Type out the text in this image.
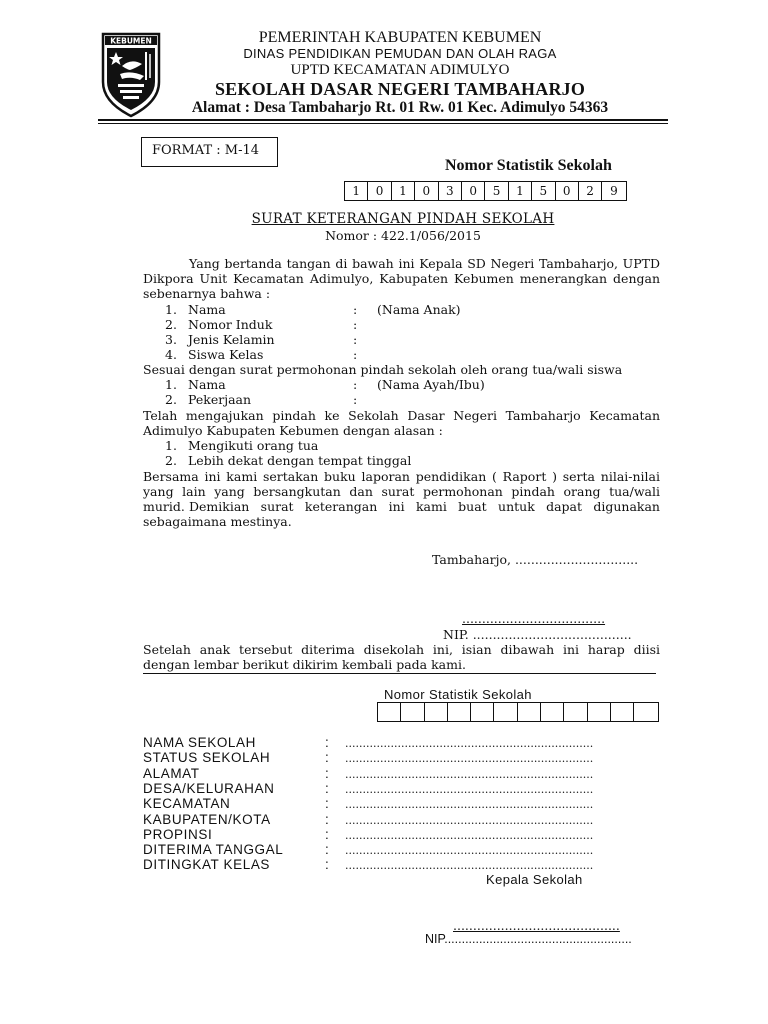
KEBUMEN	PEMERINTAH KABUPATEN KEBUMEN
DINAS PENDIDIKAN PEMUDAN DAN OLAH RAGA
UPTD KECAMATAN ADIMULYO
SEKOLAH DASAR NEGERI TAMBAHARJO
Alamat : Desa Tambaharjo Rt. 01 Rw. 01 Kec. Adimulyo 54363
FORMAT : M-14
Nomor Statistik Sekolah
1	0	1	0	3	0	5	1	5	0	2	9
SURAT KETERANGAN PINDAH SEKOLAH
Nomor : 422.1/056/2015
Yang bertanda tangan di bawah ini Kepala SD Negeri Tambaharjo, UPTD Dikpora Unit Kecamatan Adimulyo, Kabupaten Kebumen menerangkan dengan sebenarnya bahwa :
1. Nama	: (Nama Anak)
2. Nomor Induk	:
3. Jenis Kelamin	:
4. Siswa Kelas	:
Sesuai dengan surat permohonan pindah sekolah oleh orang tua/wali siswa
1. Nama	: (Nama Ayah/Ibu)
2. Pekerjaan	:
Telah mengajukan pindah ke Sekolah Dasar Negeri Tambaharjo Kecamatan Adimulyo Kabupaten Kebumen dengan alasan :
1. Mengikuti orang tua
2. Lebih dekat dengan tempat tinggal
Bersama ini kami sertakan buku laporan pendidikan ( Raport ) serta nilai-nilai yang lain yang bersangkutan dan surat permohonan pindah orang tua/wali murid. Demikian surat keterangan ini kami buat untuk dapat digunakan sebagaimana mestinya.
Tambaharjo, ...............................
....................................
NIP. ........................................
Setelah anak tersebut diterima disekolah ini, isian dibawah ini harap diisi dengan lembar berikut dikirim kembali pada kami.
Nomor Statistik Sekolah
NAMA SEKOLAH	: .......................................................................
STATUS SEKOLAH	: .......................................................................
ALAMAT	: .......................................................................
DESA/KELURAHAN	: .......................................................................
KECAMATAN	: .......................................................................
KABUPATEN/KOTA	: .......................................................................
PROPINSI	: .......................................................................
DITERIMA TANGGAL	: .......................................................................
DITINGKAT KELAS	: .......................................................................
Kepala Sekolah
..........................................
NIP......................................................
